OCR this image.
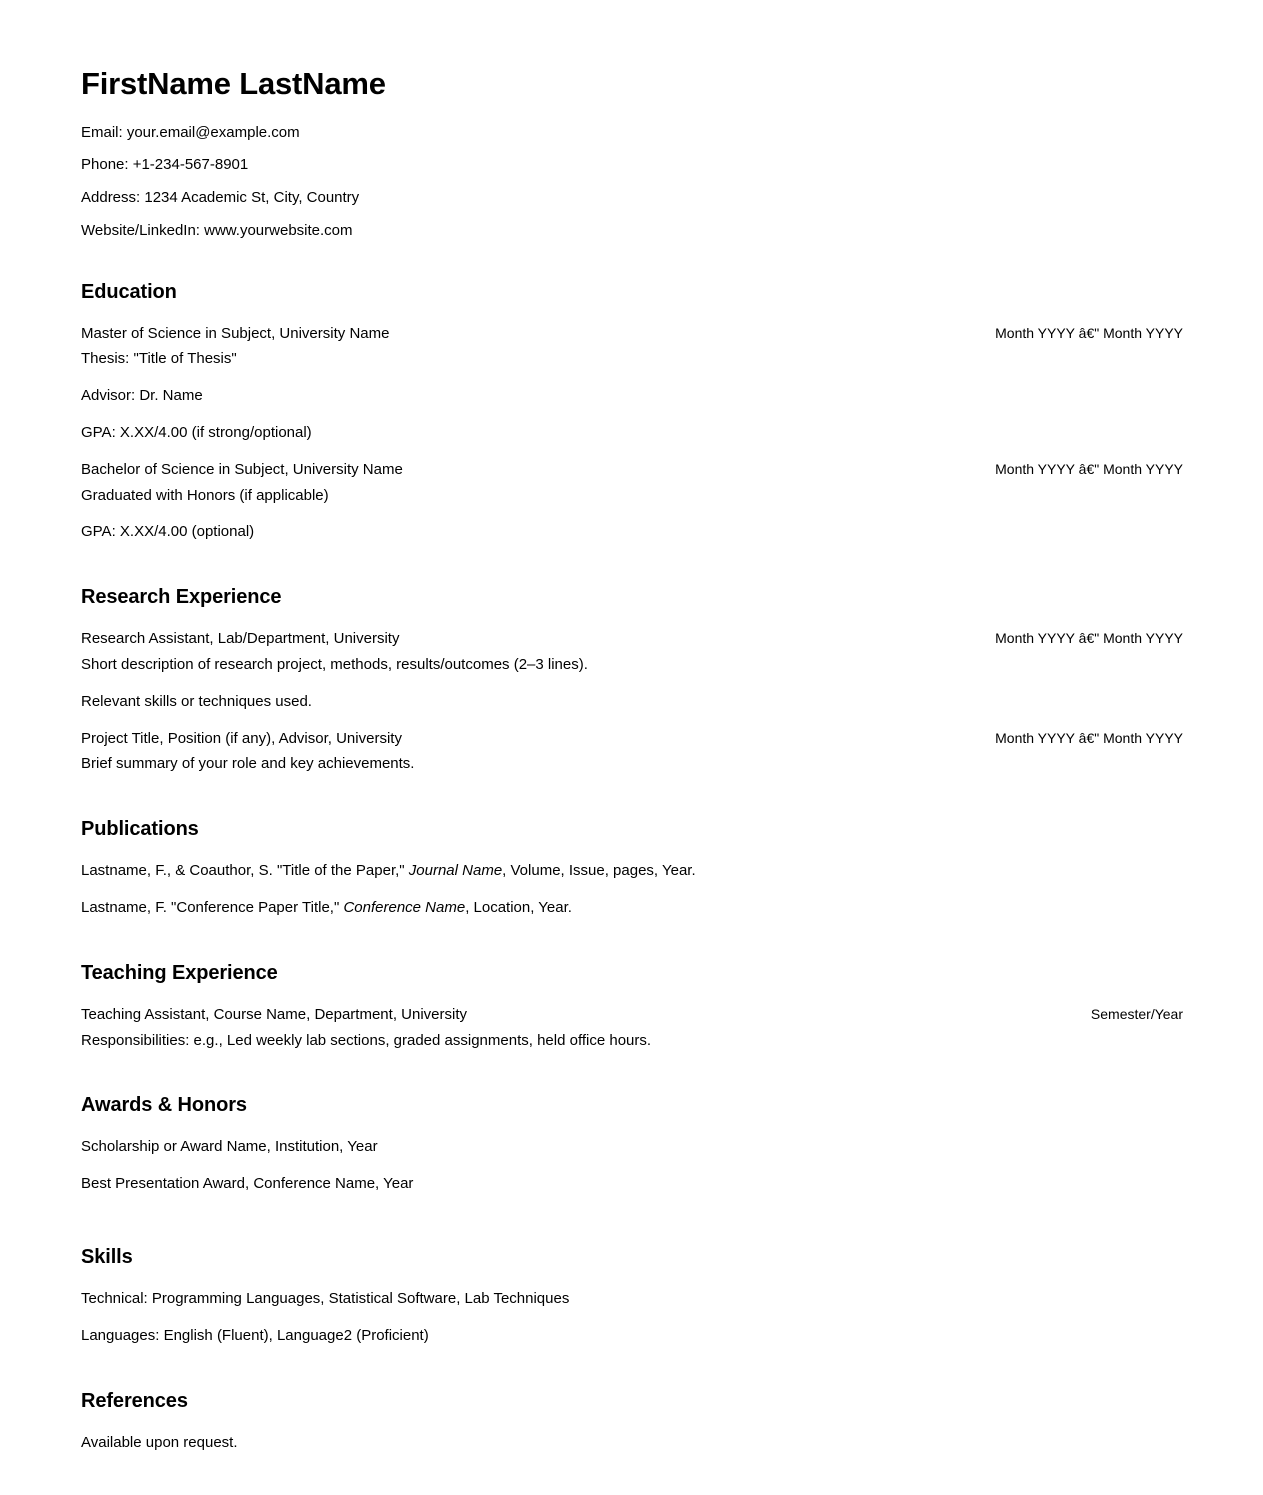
FirstName LastName

Email: your.email@example.com

Phone: +1-234-567-8901

Address: 1234 Academic St, City, Country

Website/LinkedIn: www.yourwebsite.com

Education

Master of Science in Subject, University Name
Thesis: "Title of Thesis"
Month YYYY â€" Month YYYY

Advisor: Dr. Name

GPA: X.XX/4.00 (if strong/optional)

Bachelor of Science in Subject, University Name
Graduated with Honors (if applicable)
Month YYYY â€" Month YYYY

GPA: X.XX/4.00 (optional)

Research Experience

Research Assistant, Lab/Department, University
Short description of research project, methods, results/outcomes (2–3 lines).
Month YYYY â€" Month YYYY

Relevant skills or techniques used.

Project Title, Position (if any), Advisor, University
Brief summary of your role and key achievements.
Month YYYY â€" Month YYYY

Publications

Lastname, F., & Coauthor, S. "Title of the Paper," Journal Name, Volume, Issue, pages, Year.

Lastname, F. "Conference Paper Title," Conference Name, Location, Year.

Teaching Experience

Teaching Assistant, Course Name, Department, University
Responsibilities: e.g., Led weekly lab sections, graded assignments, held office hours.
Semester/Year

Awards & Honors

Scholarship or Award Name, Institution, Year

Best Presentation Award, Conference Name, Year

Skills

Technical: Programming Languages, Statistical Software, Lab Techniques

Languages: English (Fluent), Language2 (Proficient)

References

Available upon request.
